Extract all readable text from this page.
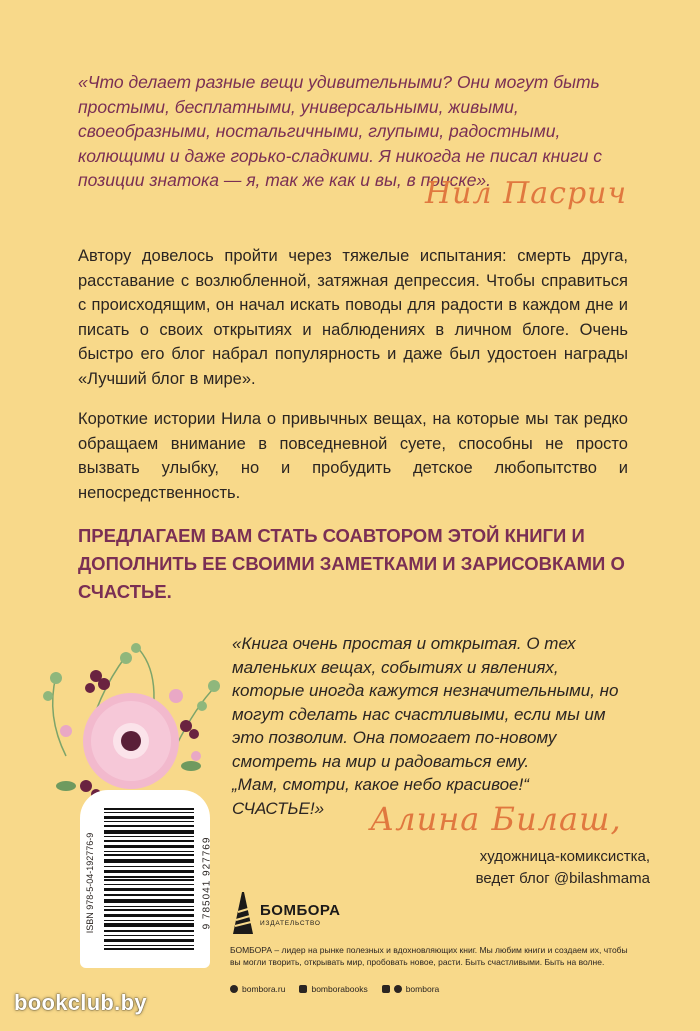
«Что делает разные вещи удивительными? Они могут быть простыми, бесплатными, универсальными, живыми, своеобразными, ностальгичными, глупыми, радостными, колющими и даже горько-сладкими. Я никогда не писал книги с позиции знатока — я, так же как и вы, в поиске».
Нил Пасрич
Автору довелось пройти через тяжелые испытания: смерть друга, расставание с возлюбленной, затяжная депрессия. Чтобы справиться с происходящим, он начал искать поводы для радости в каждом дне и писать о своих открытиях и наблюдениях в личном блоге. Очень быстро его блог набрал популярность и даже был удостоен награды «Лучший блог в мире».
Короткие истории Нила о привычных вещах, на которые мы так редко обращаем внимание в повседневной суете, способны не просто вызвать улыбку, но и пробудить детское любопытство и непосредственность.
ПРЕДЛАГАЕМ ВАМ СТАТЬ СОАВТОРОМ ЭТОЙ КНИГИ И ДОПОЛНИТЬ ЕЕ СВОИМИ ЗАМЕТКАМИ И ЗАРИСОВКАМИ О СЧАСТЬЕ.
ISBN 978-5-04-192776-9	9 785041 927769
«Книга очень простая и открытая. О тех маленьких вещах, событиях и явлениях, которые иногда кажутся незначительными, но могут сделать нас счастливыми, если мы им это позволим. Она помогает по-новому смотреть на мир и радоваться ему.
„Мам, смотри, какое небо красивое!“
СЧАСТЬЕ!»	Алина Билаш,
художница-комиксистка,
ведет блог @bilashmama
БОМБОРА
ИЗДАТЕЛЬСТВО
БОМБОРА – лидер на рынке полезных и вдохновляющих книг. Мы любим книги и создаем их, чтобы вы могли творить, открывать мир, пробовать новое, расти. Быть счастливыми. Быть на волне.
bombora.ru	bomborabooks	bombora
bookclub.by
